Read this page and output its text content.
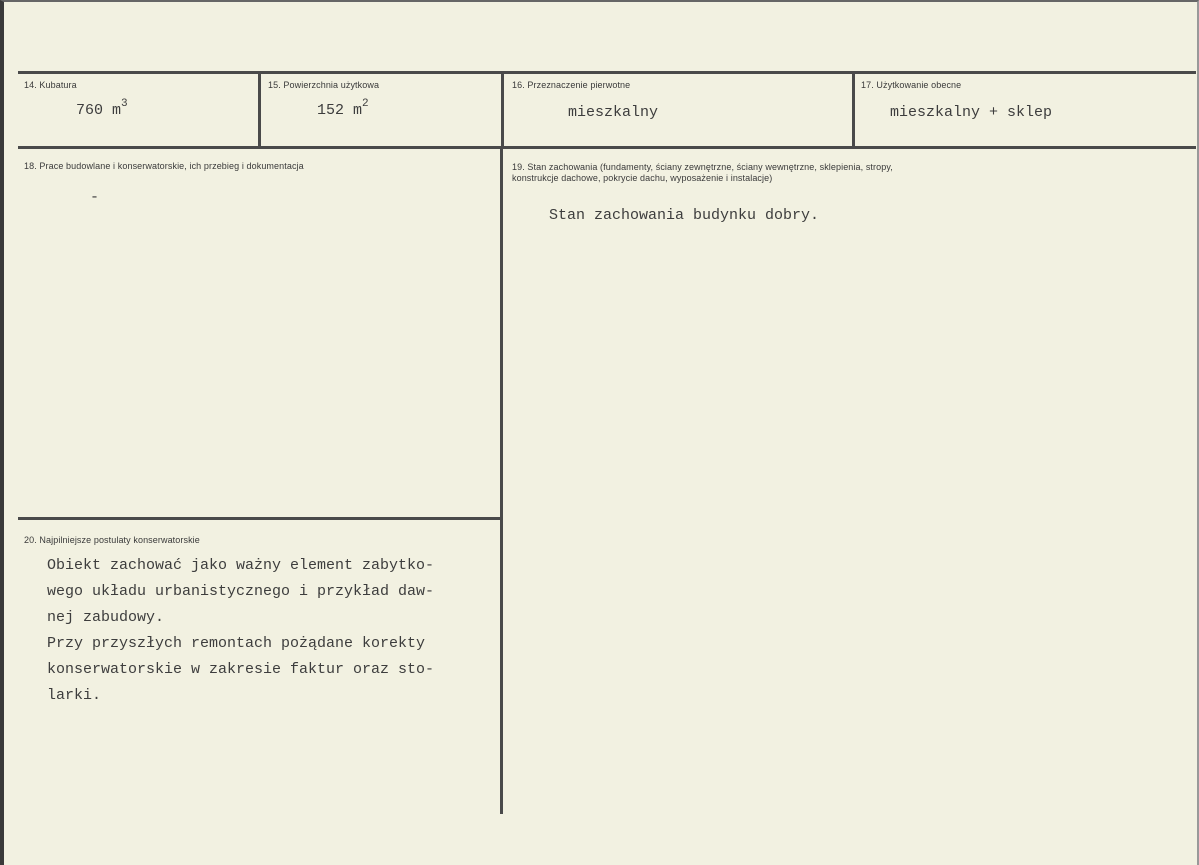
14. Kubatura
760 $m^3$
15. Powierzchnia użytkowa
152 $m^2$
16. Przeznaczenie pierwotne
mieszkalny
17. Użytkowanie obecne
mieszkalny + sklep
18. Prace budowlane i konserwatorskie, ich przebieg i dokumentacja
-
19. Stan zachowania (fundamenty, ściany zewnętrzne, ściany wewnętrzne, sklepienia, stropy,
konstrukcje dachowe, pokrycie dachu, wyposażenie i instalacje)
Stan zachowania budynku dobry.
20. Najpilniejsze postulaty konserwatorskie
Obiekt zachować jako ważny element zabytko-
wego układu urbanistycznego i przykład daw-
nej zabudowy.
Przy przyszłych remontach pożądane korekty
konserwatorskie w zakresie faktur oraz sto-
larki.
